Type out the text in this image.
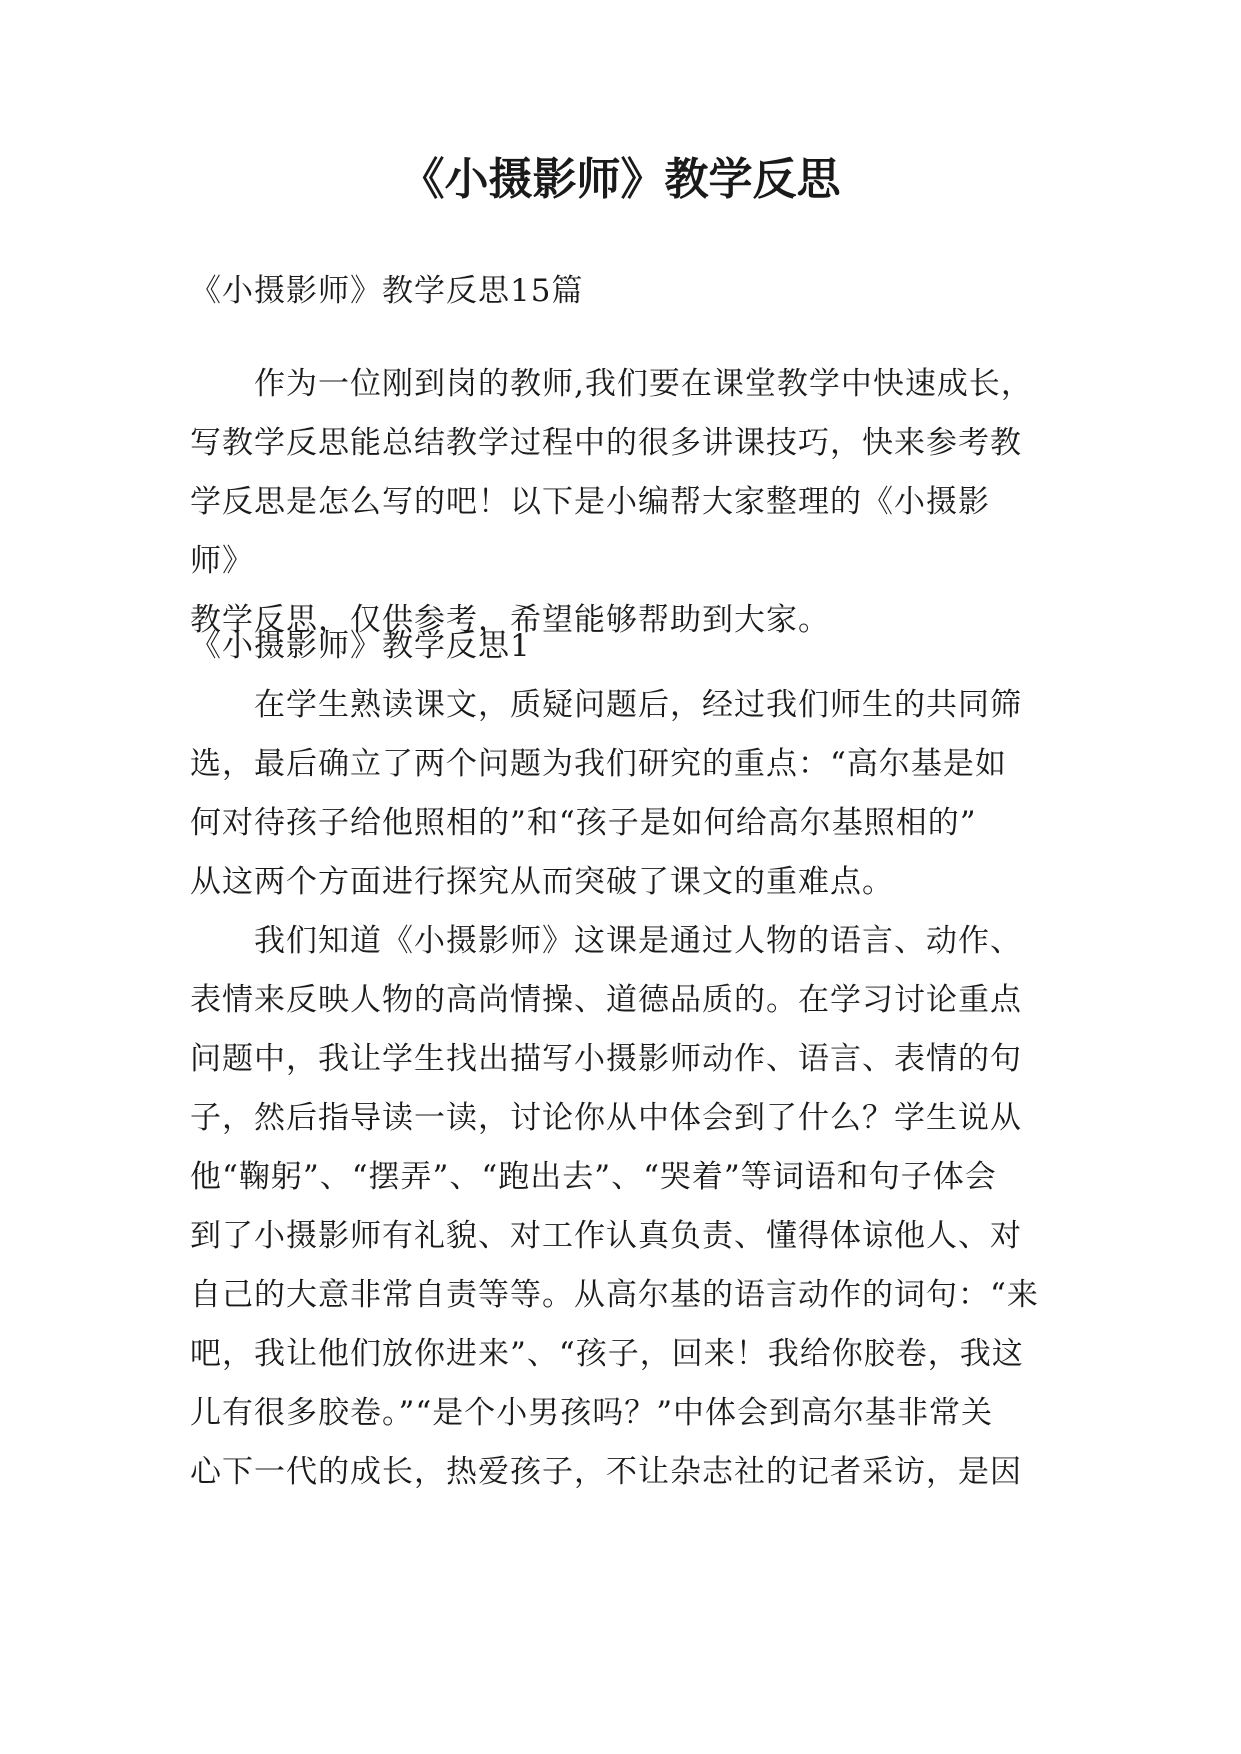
《小摄影师》教学反思

《小摄影师》教学反思15篇

作为一位刚到岗的教师,我们要在课堂教学中快速成长，
写教学反思能总结教学过程中的很多讲课技巧，快来参考教
学反思是怎么写的吧！以下是小编帮大家整理的《小摄影师》
教学反思，仅供参考，希望能够帮助到大家。

《小摄影师》教学反思1

在学生熟读课文，质疑问题后，经过我们师生的共同筛
选，最后确立了两个问题为我们研究的重点：“高尔基是如
何对待孩子给他照相的”和“孩子是如何给高尔基照相的”
从这两个方面进行探究从而突破了课文的重难点。

我们知道《小摄影师》这课是通过人物的语言、动作、
表情来反映人物的高尚情操、道德品质的。在学习讨论重点
问题中，我让学生找出描写小摄影师动作、语言、表情的句
子，然后指导读一读，讨论你从中体会到了什么？学生说从
他“鞠躬”、“摆弄”、“跑出去”、“哭着”等词语和句子体会
到了小摄影师有礼貌、对工作认真负责、懂得体谅他人、对
自己的大意非常自责等等。从高尔基的语言动作的词句：“来
吧，我让他们放你进来”、“孩子，回来！我给你胶卷，我这
儿有很多胶卷。”“是个小男孩吗？”中体会到高尔基非常关
心下一代的成长，热爱孩子，不让杂志社的记者采访，是因
